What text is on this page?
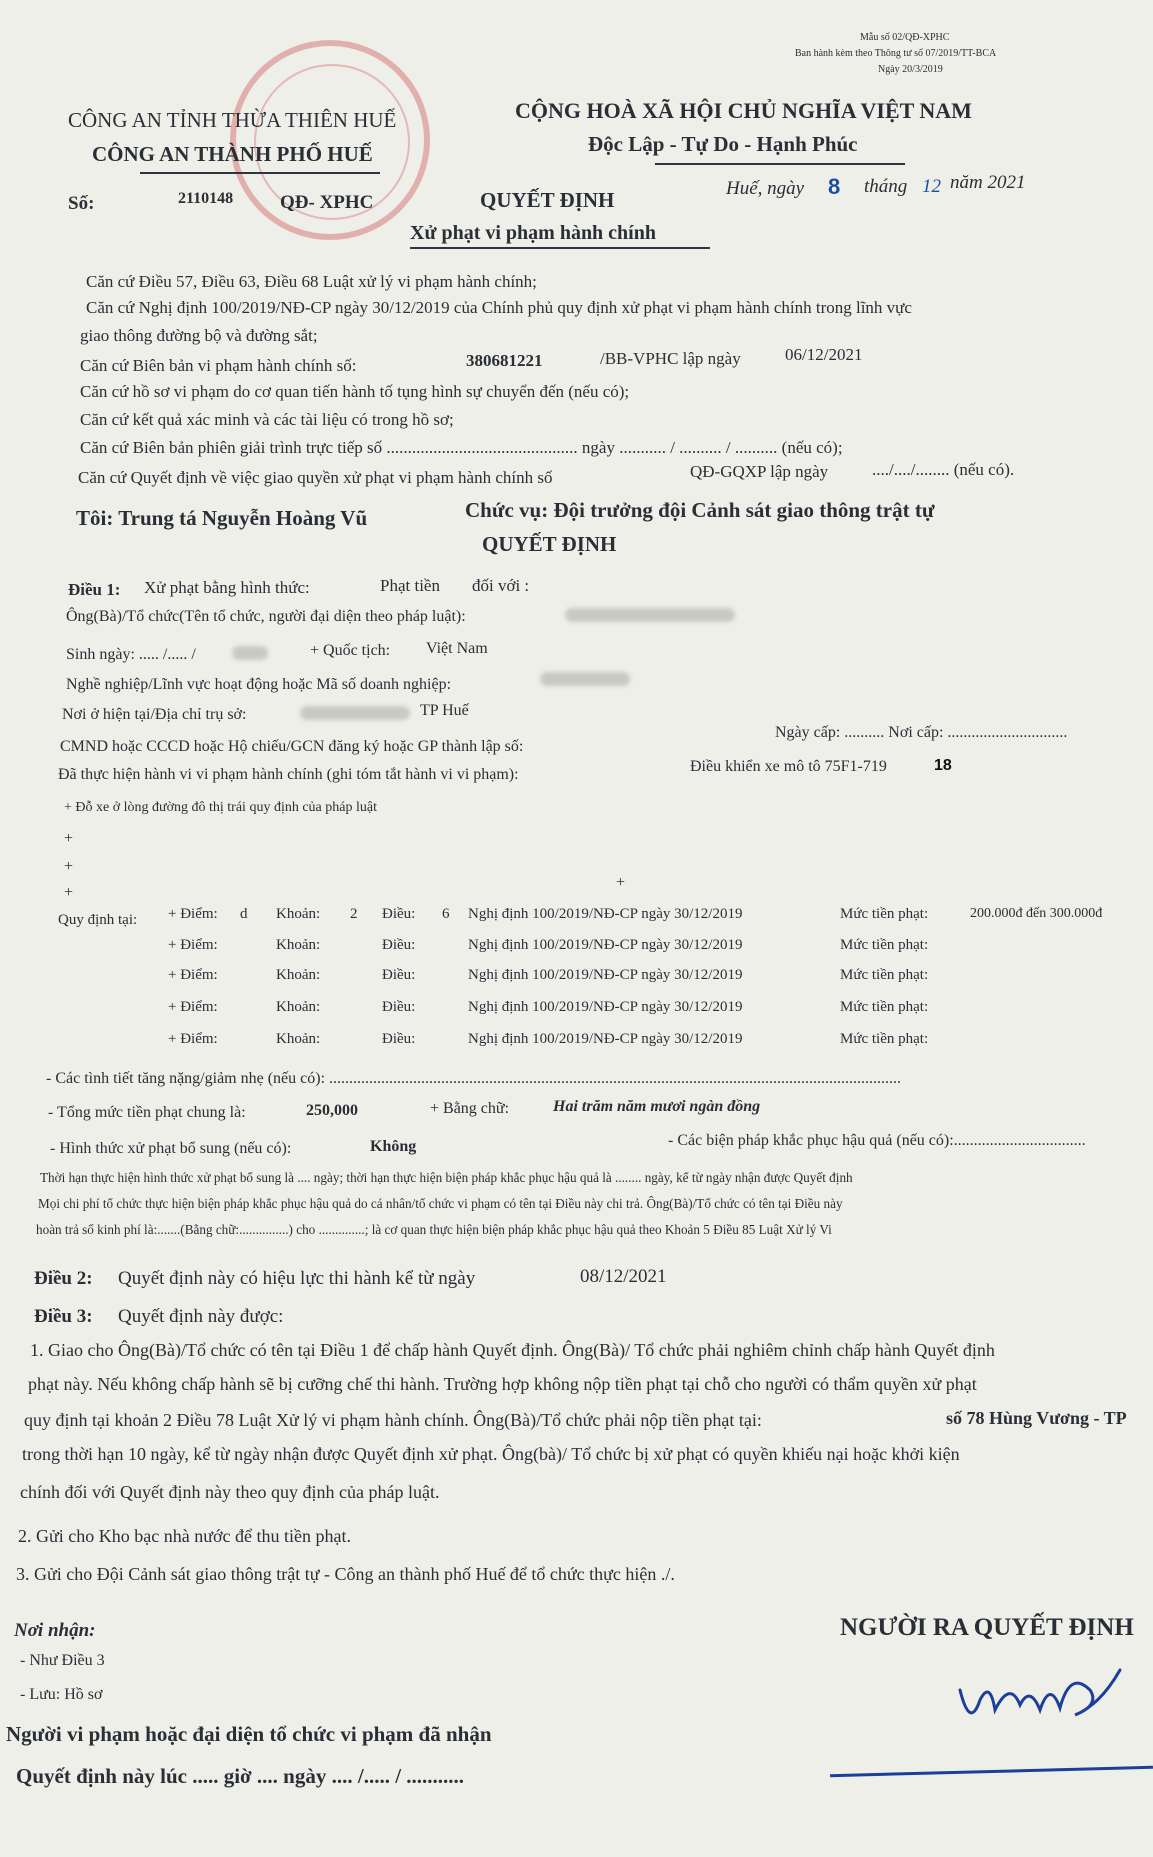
Mẫu số 02/QĐ-XPHC
Ban hành kèm theo Thông tư số 07/2019/TT-BCA
Ngày 20/3/2019
CÔNG AN TỈNH THỪA THIÊN HUẾ
CÔNG AN THÀNH PHỐ HUẾ
CỘNG HOÀ XÃ HỘI CHỦ NGHĨA VIỆT NAM
Độc Lập - Tự Do - Hạnh Phúc
Số:	2110148 QĐ- XPHC	QUYẾT ĐỊNH	Huế, ngày 8 tháng 12 năm 2021
Xử phạt vi phạm hành chính
Căn cứ Điều 57, Điều 63, Điều 68 Luật xử lý vi phạm hành chính;
Căn cứ Nghị định 100/2019/NĐ-CP ngày 30/12/2019 của Chính phủ quy định xử phạt vi phạm hành chính trong lĩnh vực
giao thông đường bộ và đường sắt;
Căn cứ Biên bản vi phạm hành chính số:	380681221	/BB-VPHC lập ngày	06/12/2021
Căn cứ hồ sơ vi phạm do cơ quan tiến hành tố tụng hình sự chuyển đến (nếu có);
Căn cứ kết quả xác minh và các tài liệu có trong hồ sơ;
Căn cứ Biên bản phiên giải trình trực tiếp số ............................................. ngày ........... / .......... / .......... (nếu có);
Căn cứ Quyết định về việc giao quyền xử phạt vi phạm hành chính số	QĐ-GQXP lập ngày	..../..../........ (nếu có).
Tôi: Trung tá Nguyễn Hoàng Vũ	Chức vụ: Đội trưởng đội Cảnh sát giao thông trật tự
QUYẾT ĐỊNH
Điều 1: Xử phạt bằng hình thức:	Phạt tiền đối với :
Ông(Bà)/Tổ chức(Tên tổ chức, người đại diện theo pháp luật):
Sinh ngày: ..... /..... /	+ Quốc tịch: Việt Nam
Nghề nghiệp/Lĩnh vực hoạt động hoặc Mã số doanh nghiệp:
Nơi ở hiện tại/Địa chỉ trụ sở:	TP Huế
CMND hoặc CCCD hoặc Hộ chiếu/GCN đăng ký hoặc GP thành lập số:
Ngày cấp: .......... Nơi cấp: ..............................
Đã thực hiện hành vi vi phạm hành chính (ghi tóm tắt hành vi vi phạm):	Điều khiển xe mô tô 75F1-719	18
+ Đỗ xe ở lòng đường đô thị trái quy định của pháp luật
+
+
+
+
Quy định tại: + Điểm: d Khoản: 2 Điều: 6 Nghị định 100/2019/NĐ-CP ngày 30/12/2019	Mức tiền phạt:	200.000đ đến 300.000đ
+ Điểm:	Khoản:	Điều:	Nghị định 100/2019/NĐ-CP ngày 30/12/2019	Mức tiền phạt:
+ Điểm:	Khoản:	Điều:	Nghị định 100/2019/NĐ-CP ngày 30/12/2019	Mức tiền phạt:
+ Điểm:	Khoản:	Điều:	Nghị định 100/2019/NĐ-CP ngày 30/12/2019	Mức tiền phạt:
+ Điểm:	Khoản:	Điều:	Nghị định 100/2019/NĐ-CP ngày 30/12/2019	Mức tiền phạt:
- Các tình tiết tăng nặng/giảm nhẹ (nếu có): ...............................................................................................................................................
- Tổng mức tiền phạt chung là:	250,000	+ Bằng chữ:	Hai trăm năm mươi ngàn đồng
- Hình thức xử phạt bổ sung (nếu có):	Không	- Các biện pháp khắc phục hậu quả (nếu có):.................................
Thời hạn thực hiện hình thức xử phạt bổ sung là .... ngày; thời hạn thực hiện biện pháp khắc phục hậu quả là ........ ngày, kể từ ngày nhận được Quyết định
Mọi chi phí tổ chức thực hiện biện pháp khắc phục hậu quả do cá nhân/tổ chức vi phạm có tên tại Điều này chi trả. Ông(Bà)/Tổ chức có tên tại Điều này
hoàn trả số kinh phí là:.......(Bằng chữ:...............) cho ..............; là cơ quan thực hiện biện pháp khắc phục hậu quả theo Khoản 5 Điều 85 Luật Xử lý Vi
Điều 2: Quyết định này có hiệu lực thi hành kể từ ngày	08/12/2021
Điều 3: Quyết định này được:
1. Giao cho Ông(Bà)/Tổ chức có tên tại Điều 1 để chấp hành Quyết định. Ông(Bà)/ Tổ chức phải nghiêm chỉnh chấp hành Quyết định
phạt này. Nếu không chấp hành sẽ bị cưỡng chế thi hành. Trường hợp không nộp tiền phạt tại chỗ cho người có thẩm quyền xử phạt
quy định tại khoản 2 Điều 78 Luật Xử lý vi phạm hành chính. Ông(Bà)/Tổ chức phải nộp tiền phạt tại:	số 78 Hùng Vương - TP
trong thời hạn 10 ngày, kể từ ngày nhận được Quyết định xử phạt. Ông(bà)/ Tổ chức bị xử phạt có quyền khiếu nại hoặc khởi kiện
chính đối với Quyết định này theo quy định của pháp luật.
2. Gửi cho Kho bạc nhà nước để thu tiền phạt.
3. Gửi cho Đội Cảnh sát giao thông trật tự - Công an thành phố Huế để tổ chức thực hiện ./.
Nơi nhận:
- Như Điều 3
- Lưu: Hồ sơ
NGƯỜI RA QUYẾT ĐỊNH
Người vi phạm hoặc đại diện tổ chức vi phạm đã nhận
Quyết định này lúc ..... giờ .... ngày .... /..... / ...........
